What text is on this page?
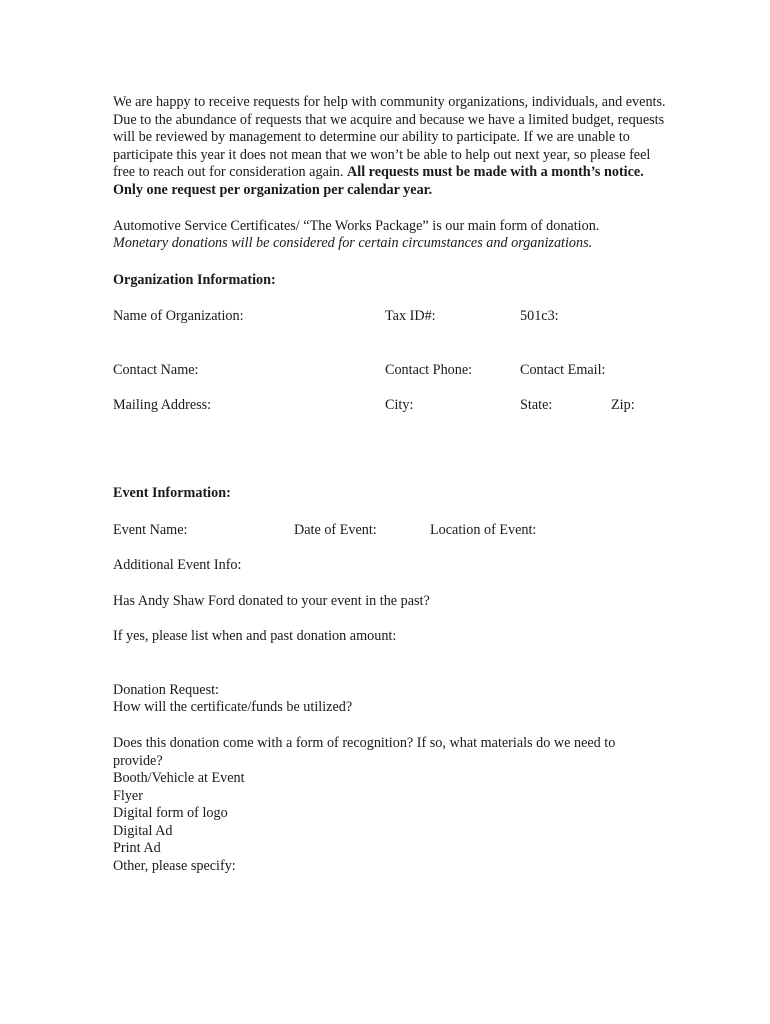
We are happy to receive requests for help with community organizations, individuals, and events. Due to the abundance of requests that we acquire and because we have a limited budget, requests will be reviewed by management to determine our ability to participate. If we are unable to participate this year it does not mean that we won’t be able to help out next year, so please feel free to reach out for consideration again. All requests must be made with a month’s notice. Only one request per organization per calendar year.

Automotive Service Certificates/ “The Works Package” is our main form of donation.
Monetary donations will be considered for certain circumstances and organizations.
Organization Information:
Name of Organization:	Tax ID#:	501c3:
Contact Name:	Contact Phone:	Contact Email:
Mailing Address:	City:	State:	Zip:
Event Information:
Event Name:	Date of Event:	Location of Event:
Additional Event Info:
Has Andy Shaw Ford donated to your event in the past?
If yes, please list when and past donation amount:
Donation Request:
How will the certificate/funds be utilized?
Does this donation come with a form of recognition? If so, what materials do we need to provide?
Booth/Vehicle at Event
Flyer
Digital form of logo
Digital Ad
Print Ad
Other, please specify:
